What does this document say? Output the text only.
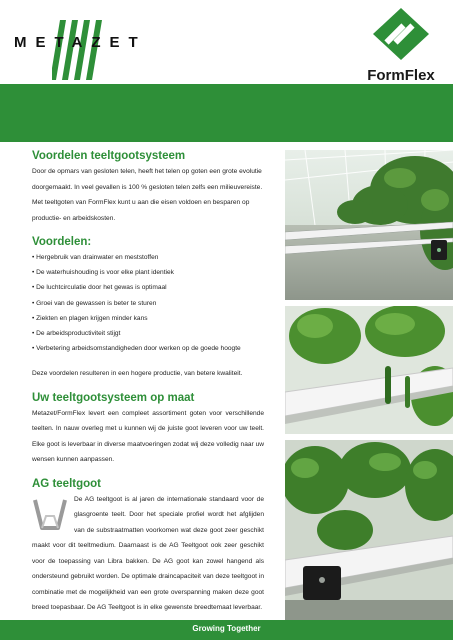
METAZET
FormFlex
Voordelen teeltgootsysteem

Door de opmars van gesloten telen, heeft het telen op goten een grote evolutie doorgemaakt. In veel gevallen is 100 % gesloten telen zelfs een milieuvereiste. Met teeltgoten van FormFlex kunt u aan die eisen voldoen en besparen op productie- en arbeidskosten.

Voordelen:
• Hergebruik van drainwater en meststoffen
• De waterhuishouding is voor elke plant identiek
• De luchtcirculatie door het gewas is optimaal
• Groei van de gewassen is beter te sturen
• Ziekten en plagen krijgen minder kans
• De arbeidsproductiviteit stijgt
• Verbetering arbeidsomstandigheden door werken op de goede hoogte

Deze voordelen resulteren in een hogere productie, van betere kwaliteit.

Uw teeltgootsysteem op maat

Metazet/FormFlex levert een compleet assortiment goten voor verschillende teelten. In nauw overleg met u kunnen wij de juiste goot leveren voor uw teelt. Elke goot is leverbaar in diverse maatvoeringen zodat wij deze volledig naar uw wensen kunnen aanpassen.

AG teeltgoot

De AG teeltgoot is al jaren de internationale standaard voor de glasgroente teelt. Door het speciale profiel wordt het afglijden van de substraatmatten voorkomen wat deze goot zeer geschikt maakt voor dit teeltmedium. Daarnaast is de AG Teeltgoot ook zeer geschikt voor de toepassing van Libra bakken. De AG goot kan zowel hangend als ondersteund gebruikt worden. De optimale draincapaciteit van deze teeltgoot in combinatie met de mogelijkheid van een grote overspanning maken deze goot breed toepasbaar. De AG Teeltgoot is in elke gewenste breedtemaat leverbaar.

Growing Together
